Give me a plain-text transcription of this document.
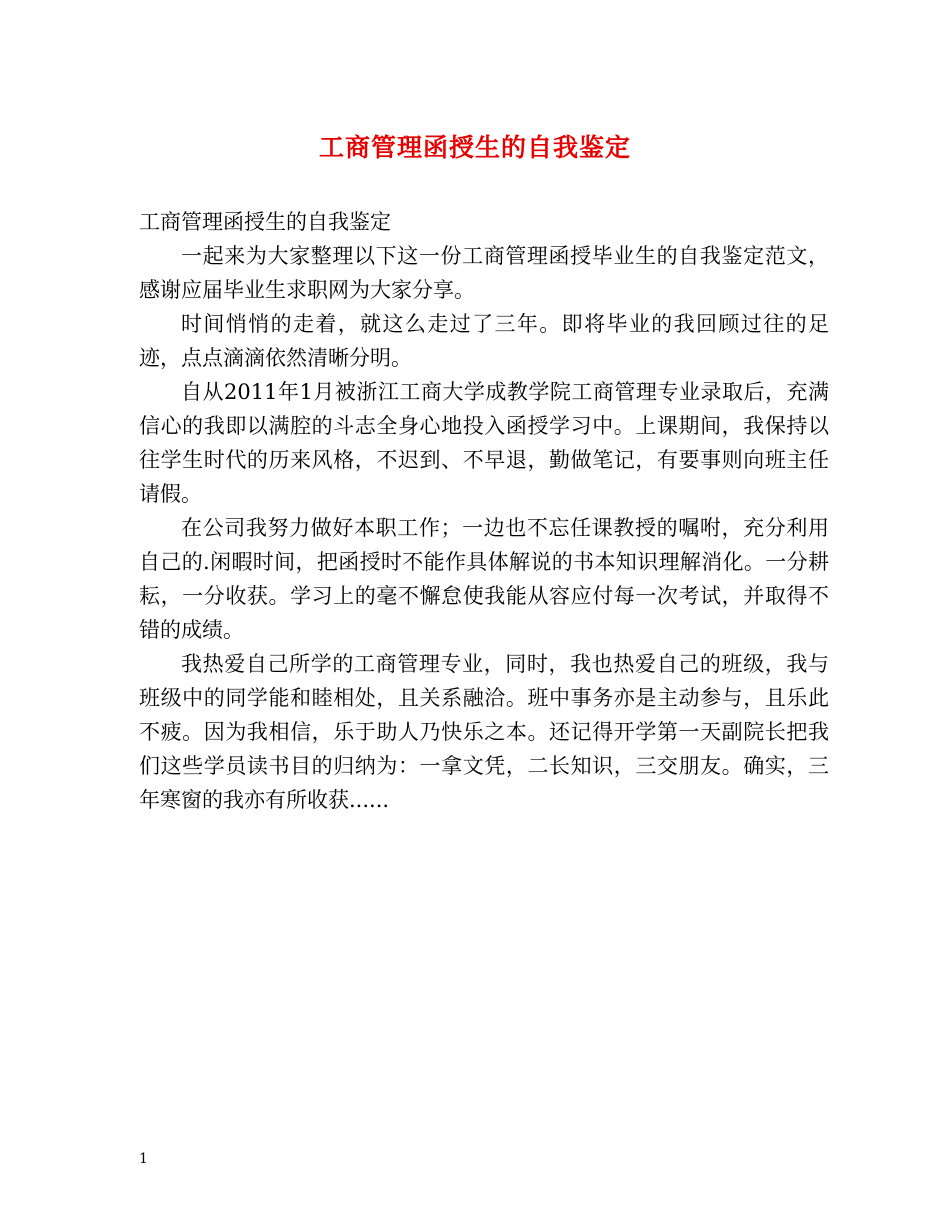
工商管理函授生的自我鉴定
工商管理函授生的自我鉴定

一起来为大家整理以下这一份工商管理函授毕业生的自我鉴定范文，感谢应届毕业生求职网为大家分享。

时间悄悄的走着，就这么走过了三年。即将毕业的我回顾过往的足迹，点点滴滴依然清晰分明。

自从2011年1月被浙江工商大学成教学院工商管理专业录取后，充满信心的我即以满腔的斗志全身心地投入函授学习中。上课期间，我保持以往学生时代的历来风格，不迟到、不早退，勤做笔记，有要事则向班主任请假。

在公司我努力做好本职工作；一边也不忘任课教授的嘱咐，充分利用自己的.闲暇时间，把函授时不能作具体解说的书本知识理解消化。一分耕耘，一分收获。学习上的毫不懈怠使我能从容应付每一次考试，并取得不错的成绩。

我热爱自己所学的工商管理专业，同时，我也热爱自己的班级，我与班级中的同学能和睦相处，且关系融洽。班中事务亦是主动参与，且乐此不疲。因为我相信，乐于助人乃快乐之本。还记得开学第一天副院长把我们这些学员读书目的归纳为：一拿文凭，二长知识，三交朋友。确实，三年寒窗的我亦有所收获......

1
